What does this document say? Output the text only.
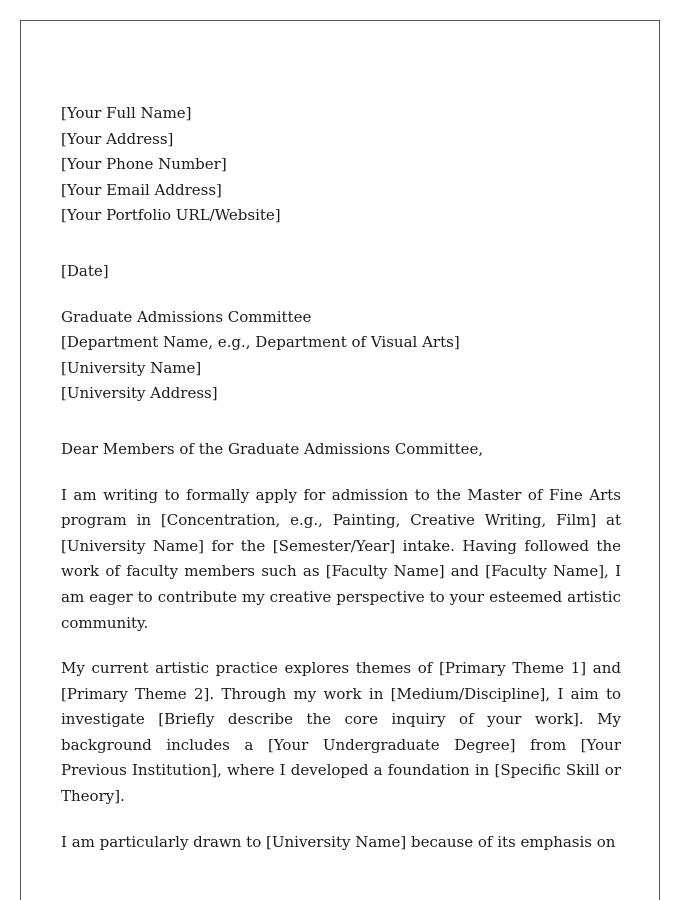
[Your Full Name]
[Your Address]
[Your Phone Number]
[Your Email Address]
[Your Portfolio URL/Website]
[Date]
Graduate Admissions Committee
[Department Name, e.g., Department of Visual Arts]
[University Name]
[University Address]
Dear Members of the Graduate Admissions Committee,

I am writing to formally apply for admission to the Master of Fine Arts program in [Concentration, e.g., Painting, Creative Writing, Film] at [University Name] for the [Semester/Year] intake. Having followed the work of faculty members such as [Faculty Name] and [Faculty Name], I am eager to contribute my creative perspective to your esteemed artistic community.

My current artistic practice explores themes of [Primary Theme 1] and [Primary Theme 2]. Through my work in [Medium/Discipline], I aim to investigate [Briefly describe the core inquiry of your work]. My background includes a [Your Undergraduate Degree] from [Your Previous Institution], where I developed a foundation in [Specific Skill or Theory].

I am particularly drawn to [University Name] because of its emphasis on
